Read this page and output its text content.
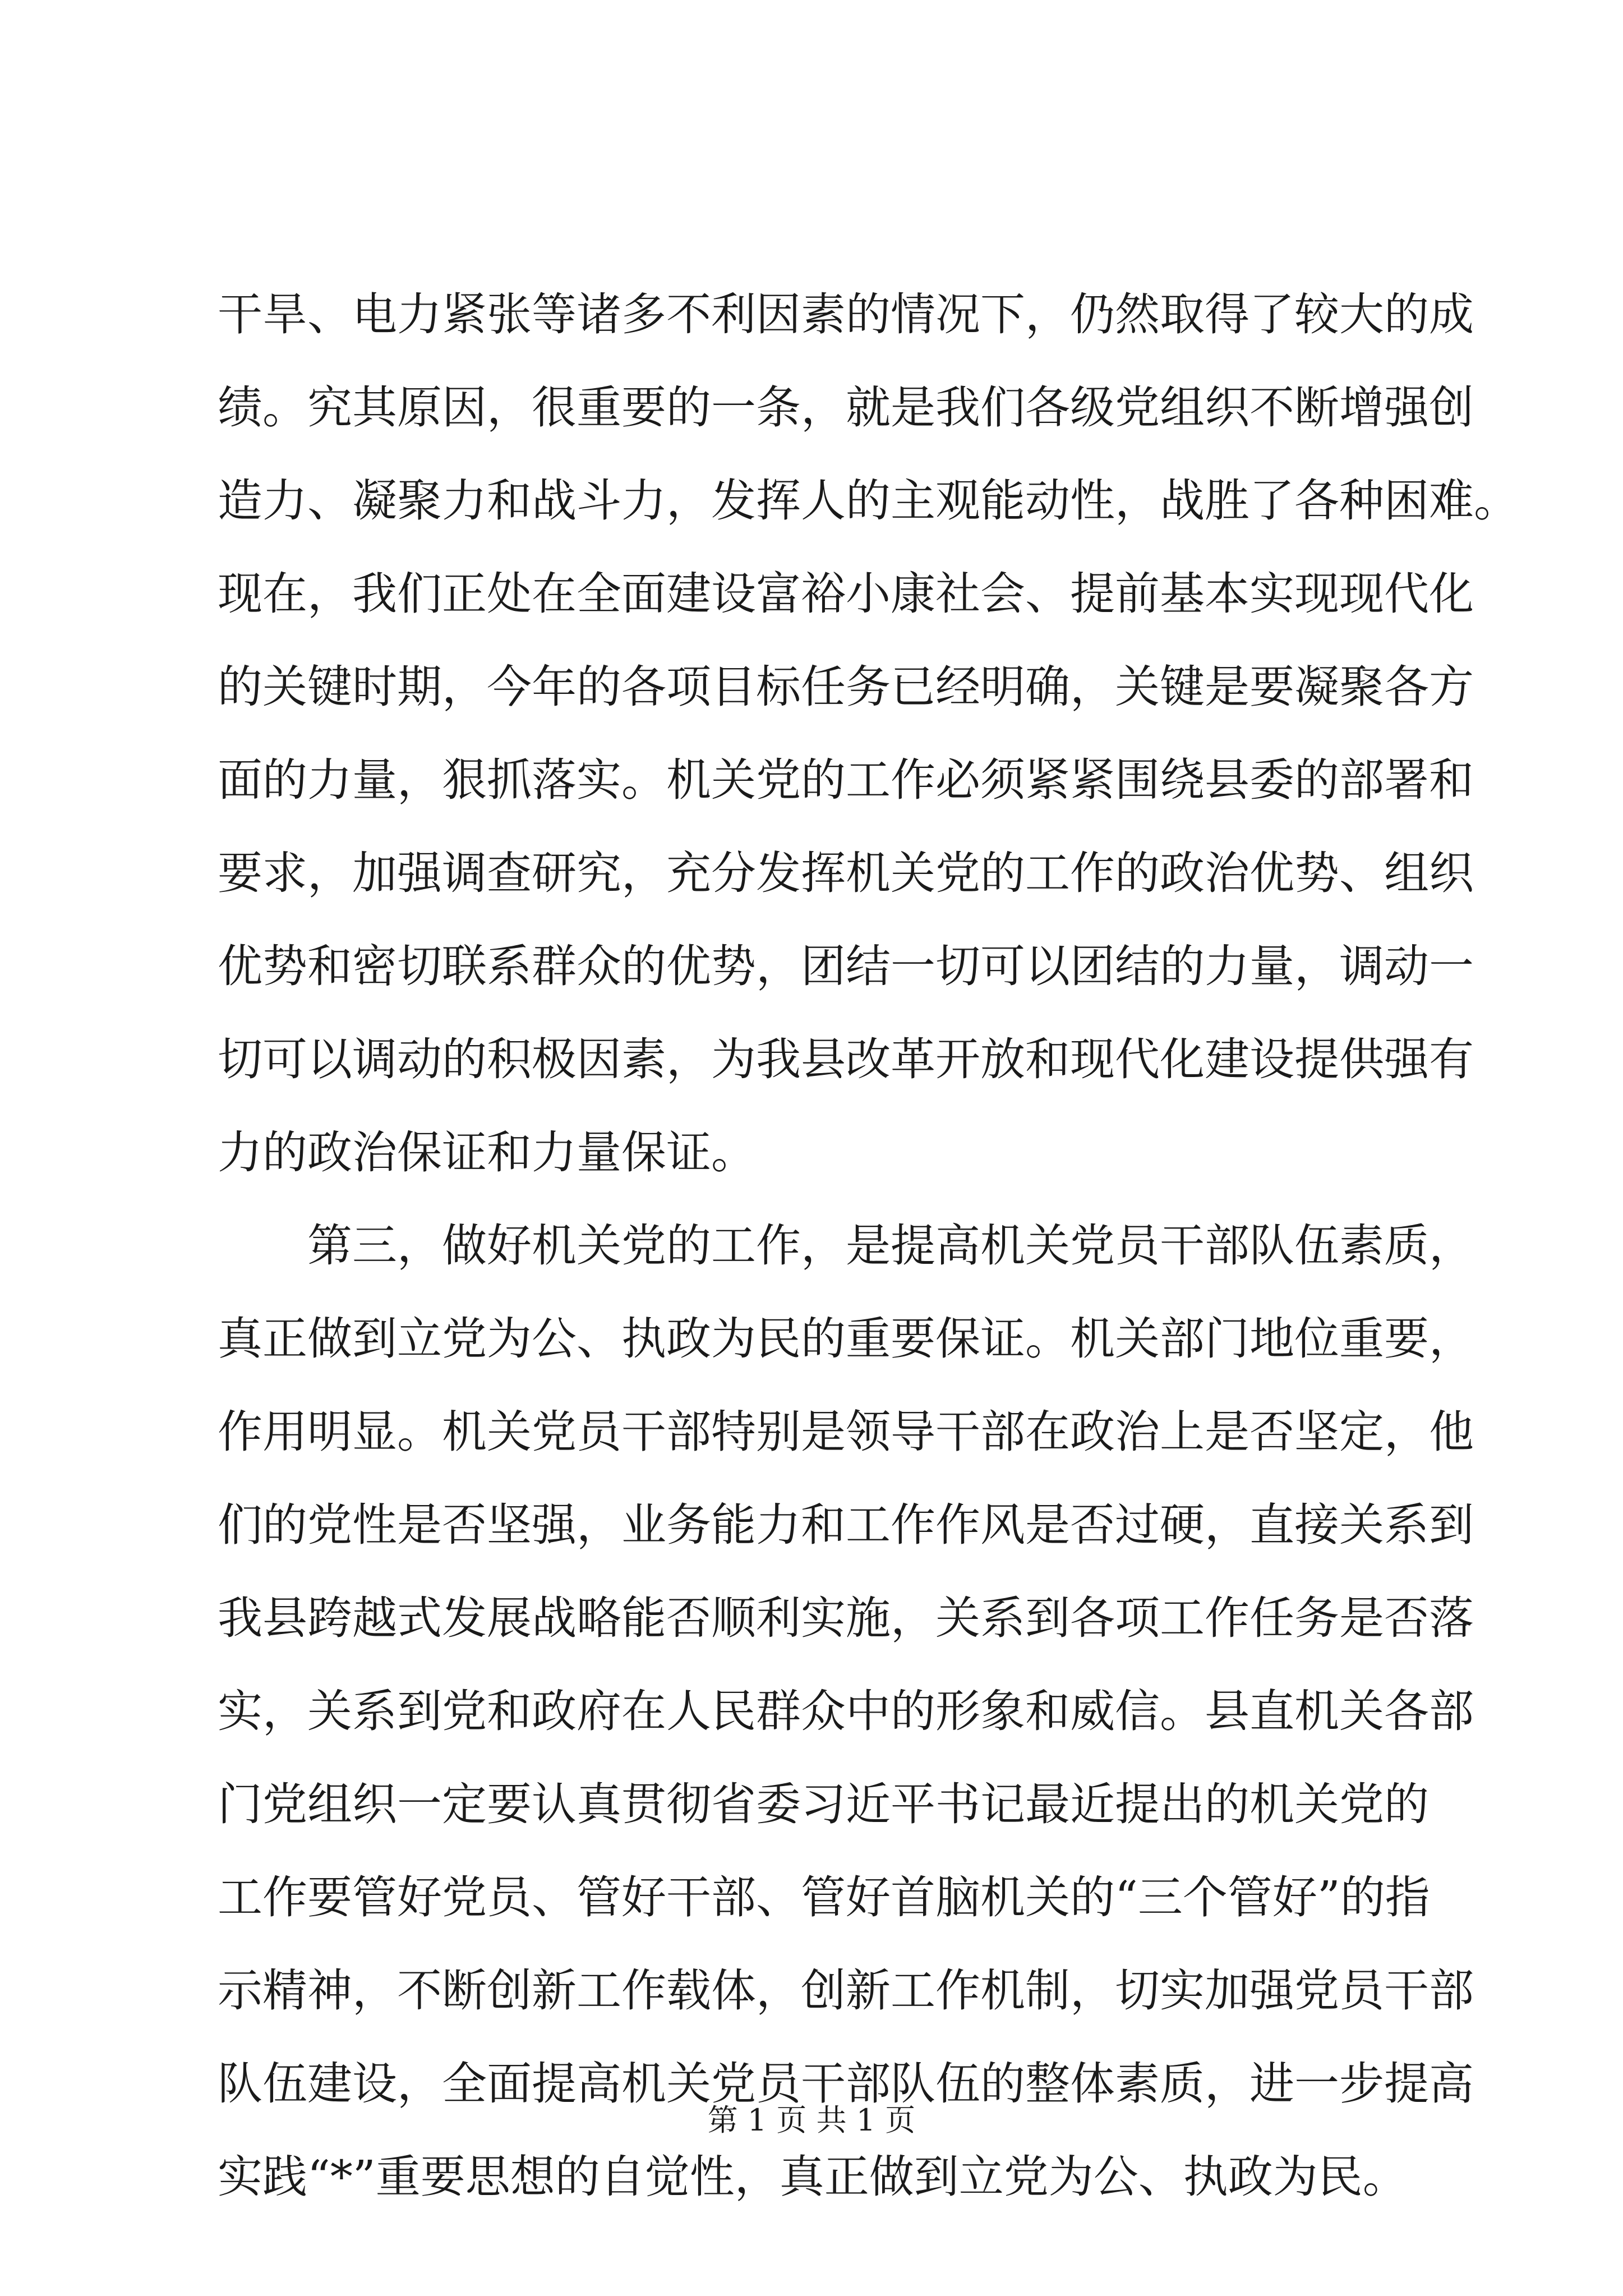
干旱、电力紧张等诸多不利因素的情况下，仍然取得了较大的成
绩。究其原因，很重要的一条，就是我们各级党组织不断增强创
造力、凝聚力和战斗力，发挥人的主观能动性，战胜了各种困难。
现在，我们正处在全面建设富裕小康社会、提前基本实现现代化
的关键时期，今年的各项目标任务已经明确，关键是要凝聚各方
面的力量，狠抓落实。机关党的工作必须紧紧围绕县委的部署和
要求，加强调查研究，充分发挥机关党的工作的政治优势、组织
优势和密切联系群众的优势，团结一切可以团结的力量，调动一
切可以调动的积极因素，为我县改革开放和现代化建设提供强有
力的政治保证和力量保证。
　　第三，做好机关党的工作，是提高机关党员干部队伍素质，
真正做到立党为公、执政为民的重要保证。机关部门地位重要，
作用明显。机关党员干部特别是领导干部在政治上是否坚定，他
们的党性是否坚强，业务能力和工作作风是否过硬，直接关系到
我县跨越式发展战略能否顺利实施，关系到各项工作任务是否落
实，关系到党和政府在人民群众中的形象和威信。县直机关各部
门党组织一定要认真贯彻省委习近平书记最近提出的机关党的
工作要管好党员、管好干部、管好首脑机关的“三个管好”的指
示精神，不断创新工作载体，创新工作机制，切实加强党员干部
队伍建设，全面提高机关党员干部队伍的整体素质，进一步提高
实践“*”重要思想的自觉性，真正做到立党为公、执政为民。
第 1 页 共 1 页
